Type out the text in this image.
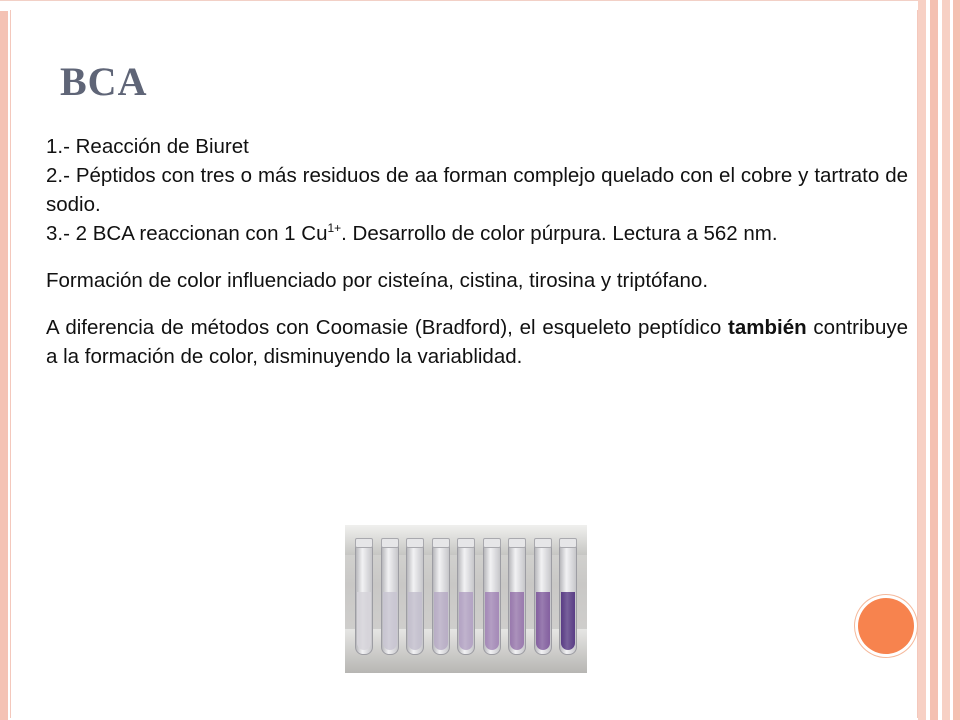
BCA

1.- Reacción de Biuret

2.- Péptidos con tres o más residuos de aa forman complejo quelado con el cobre y tartrato de sodio.

3.- 2 BCA reaccionan con 1 $Cu^{1+}$. Desarrollo de color púrpura. Lectura a 562 nm.

Formación de color influenciado por cisteína, cistina, tirosina y triptófano.

A diferencia de métodos con Coomasie (Bradford), el esqueleto peptídico también contribuye a la formación de color, disminuyendo la variablidad.
